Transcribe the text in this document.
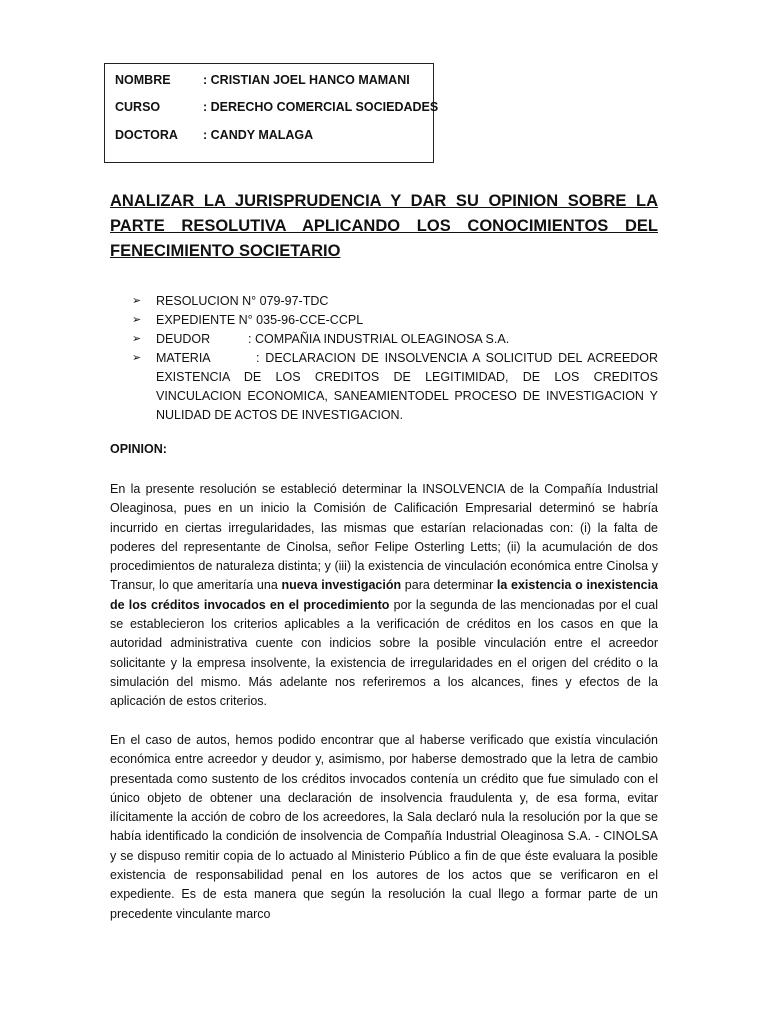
NOMBRE	: CRISTIAN JOEL HANCO MAMANI
CURSO	: DERECHO COMERCIAL SOCIEDADES
DOCTORA : CANDY MALAGA
ANALIZAR LA JURISPRUDENCIA Y DAR SU OPINION SOBRE LA PARTE RESOLUTIVA APLICANDO LOS CONOCIMIENTOS DEL FENECIMIENTO SOCIETARIO
➢ RESOLUCION N° 079-97-TDC
➢ EXPEDIENTE N° 035-96-CCE-CCPL
➢ DEUDOR	: COMPAÑIA INDUSTRIAL OLEAGINOSA S.A.
➢ MATERIA	: DECLARACION DE INSOLVENCIA A SOLICITUD DEL ACREEDOR EXISTENCIA DE LOS CREDITOS DE LEGITIMIDAD, DE LOS CREDITOS VINCULACION ECONOMICA, SANEAMIENTODEL PROCESO DE INVESTIGACION Y NULIDAD DE ACTOS DE INVESTIGACION.
OPINION:

En la presente resolución se estableció determinar la INSOLVENCIA de la Compañía Industrial Oleaginosa, pues en un inicio la Comisión de Calificación Empresarial determinó se habría incurrido en ciertas irregularidades, las mismas que estarían relacionadas con: (i) la falta de poderes del representante de Cinolsa, señor Felipe Osterling Letts; (ii) la acumulación de dos procedimientos de naturaleza distinta; y (iii) la existencia de vinculación económica entre Cinolsa y Transur, lo que ameritaría una nueva investigación para determinar la existencia o inexistencia de los créditos invocados en el procedimiento por la segunda de las mencionadas por el cual se establecieron los criterios aplicables a la verificación de créditos en los casos en que la autoridad administrativa cuente con indicios sobre la posible vinculación entre el acreedor solicitante y la empresa insolvente, la existencia de irregularidades en el origen del crédito o la simulación del mismo. Más adelante nos referiremos a los alcances, fines y efectos de la aplicación de estos criterios.

En el caso de autos, hemos podido encontrar que al haberse verificado que existía vinculación económica entre acreedor y deudor y, asimismo, por haberse demostrado que la letra de cambio presentada como sustento de los créditos invocados contenía un crédito que fue simulado con el único objeto de obtener una declaración de insolvencia fraudulenta y, de esa forma, evitar ilícitamente la acción de cobro de los acreedores, la Sala declaró nula la resolución por la que se había identificado la condición de insolvencia de Compañía Industrial Oleaginosa S.A. - CINOLSA y se dispuso remitir copia de lo actuado al Ministerio Público a fin de que éste evaluara la posible existencia de responsabilidad penal en los autores de los actos que se verificaron en el expediente. Es de esta manera que según la resolución la cual llego a formar parte de un precedente vinculante marco
